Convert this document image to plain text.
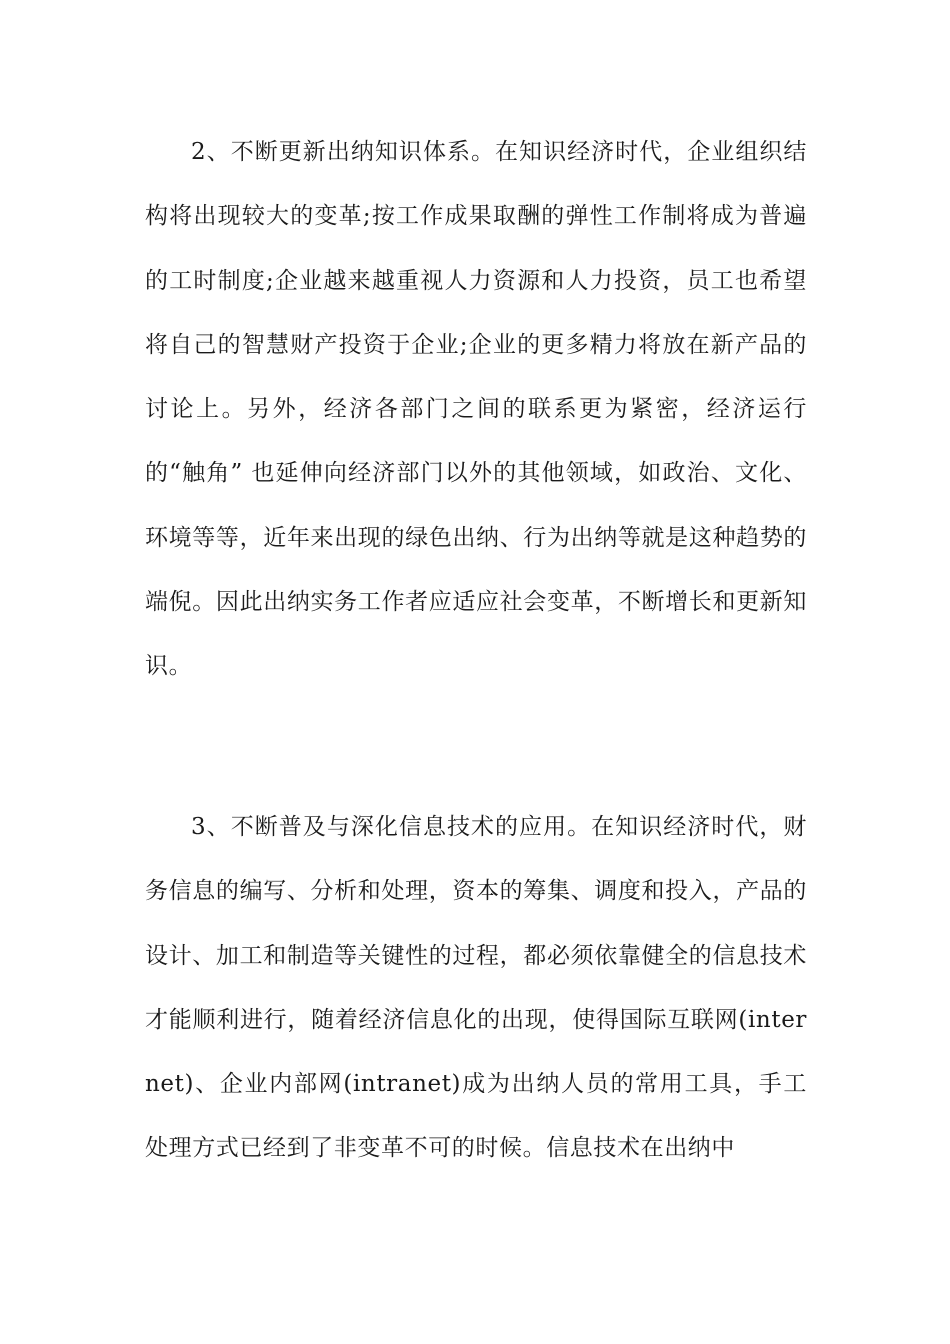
2、不断更新出纳知识体系。在知识经济时代，企业组织结构将出现较大的变革;按工作成果取酬的弹性工作制将成为普遍的工时制度;企业越来越重视人力资源和人力投资，员工也希望将自己的智慧财产投资于企业;企业的更多精力将放在新产品的讨论上。另外，经济各部门之间的联系更为紧密，经济运行的“触角” 也延伸向经济部门以外的其他领域，如政治、文化、环境等等，近年来出现的绿色出纳、行为出纳等就是这种趋势的端倪。因此出纳实务工作者应适应社会变革，不断增长和更新知识。

3、不断普及与深化信息技术的应用。在知识经济时代，财务信息的编写、分析和处理，资本的筹集、调度和投入，产品的设计、加工和制造等关键性的过程，都必须依靠健全的信息技术才能顺利进行，随着经济信息化的出现，使得国际互联网(internet)、企业内部网(intranet)成为出纳人员的常用工具，手工处理方式已经到了非变革不可的时候。信息技术在出纳中
